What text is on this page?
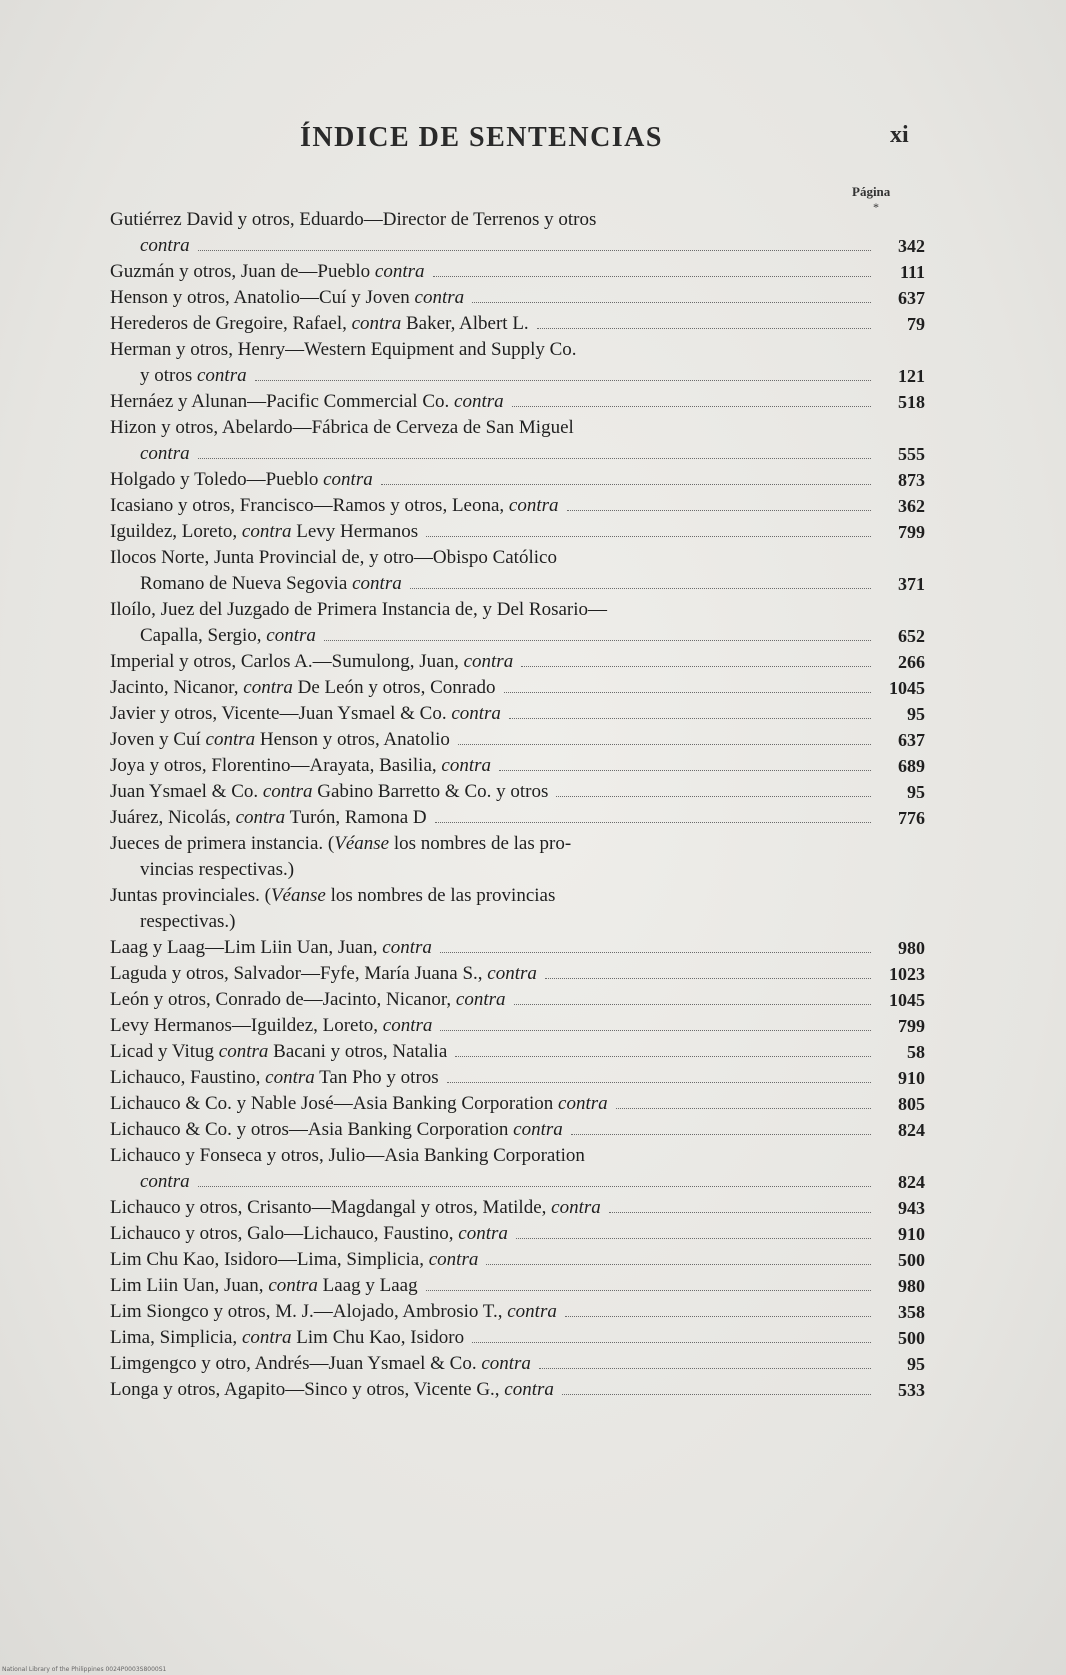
ÍNDICE DE SENTENCIAS	xi
Página
*
Gutiérrez David y otros, Eduardo—Director de Terrenos y otros
contra	342
Guzmán y otros, Juan de—Pueblo contra	111
Henson y otros, Anatolio—Cuí y Joven contra	637
Herederos de Gregoire, Rafael, contra Baker, Albert L.	79
Herman y otros, Henry—Western Equipment and Supply Co.
y otros contra	121
Hernáez y Alunan—Pacific Commercial Co. contra	518
Hizon y otros, Abelardo—Fábrica de Cerveza de San Miguel
contra	555
Holgado y Toledo—Pueblo contra	873
Icasiano y otros, Francisco—Ramos y otros, Leona, contra	362
Iguildez, Loreto, contra Levy Hermanos	799
Ilocos Norte, Junta Provincial de, y otro—Obispo Católico
Romano de Nueva Segovia contra	371
Iloílo, Juez del Juzgado de Primera Instancia de, y Del Rosario—
Capalla, Sergio, contra	652
Imperial y otros, Carlos A.—Sumulong, Juan, contra	266
Jacinto, Nicanor, contra De León y otros, Conrado	1045
Javier y otros, Vicente—Juan Ysmael & Co. contra	95
Joven y Cuí contra Henson y otros, Anatolio	637
Joya y otros, Florentino—Arayata, Basilia, contra	689
Juan Ysmael & Co. contra Gabino Barretto & Co. y otros	95
Juárez, Nicolás, contra Turón, Ramona D	776
Jueces de primera instancia. (Véanse los nombres de las pro-
vincias respectivas.)
Juntas provinciales. (Véanse los nombres de las provincias
respectivas.)
Laag y Laag—Lim Liin Uan, Juan, contra	980
Laguda y otros, Salvador—Fyfe, María Juana S., contra	1023
León y otros, Conrado de—Jacinto, Nicanor, contra	1045
Levy Hermanos—Iguildez, Loreto, contra	799
Licad y Vitug contra Bacani y otros, Natalia	58
Lichauco, Faustino, contra Tan Pho y otros	910
Lichauco & Co. y Nable José—Asia Banking Corporation contra	805
Lichauco & Co. y otros—Asia Banking Corporation contra	824
Lichauco y Fonseca y otros, Julio—Asia Banking Corporation
contra	824
Lichauco y otros, Crisanto—Magdangal y otros, Matilde, contra	943
Lichauco y otros, Galo—Lichauco, Faustino, contra	910
Lim Chu Kao, Isidoro—Lima, Simplicia, contra	500
Lim Liin Uan, Juan, contra Laag y Laag	980
Lim Siongco y otros, M. J.—Alojado, Ambrosio T., contra	358
Lima, Simplicia, contra Lim Chu Kao, Isidoro	500
Limgengco y otro, Andrés—Juan Ysmael & Co. contra	95
Longa y otros, Agapito—Sinco y otros, Vicente G., contra	533
National Library of the Philippines 0024P0003S8000S1
